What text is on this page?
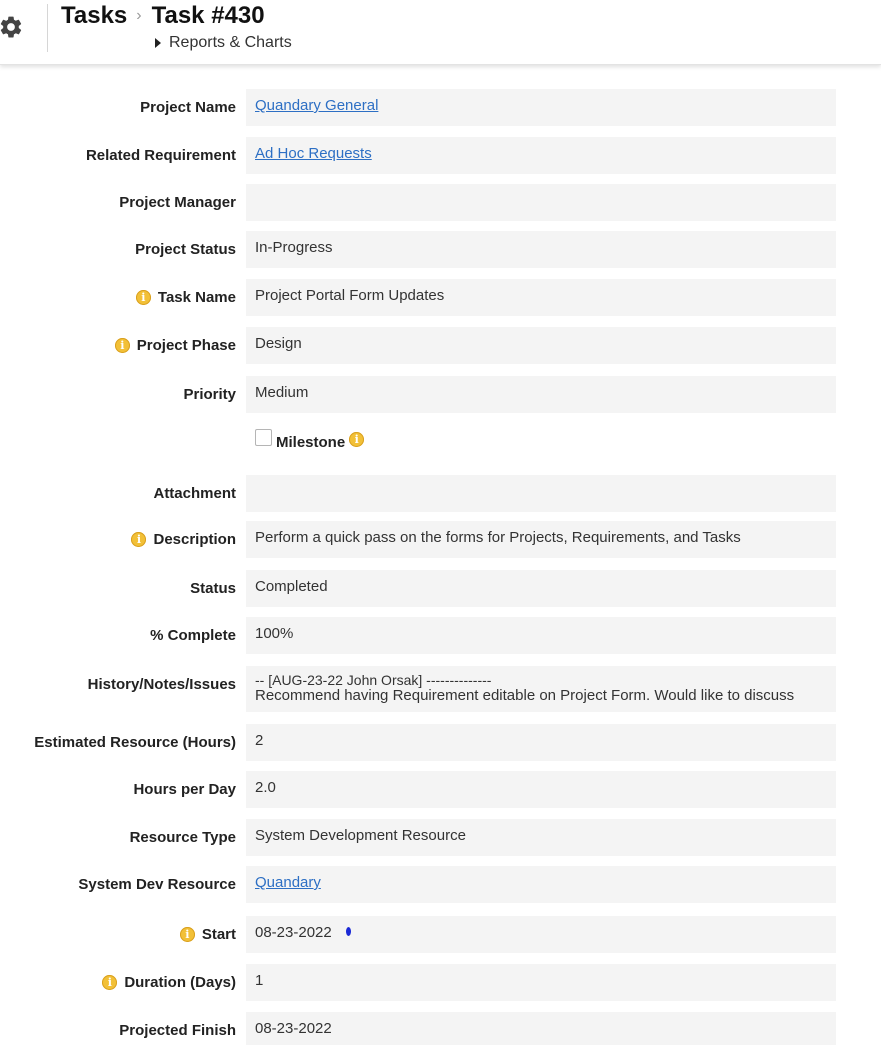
Tasks › Task #430
Reports & Charts
Project Name	Quandary General
Related Requirement	Ad Hoc Requests
Project Manager
Project Status	In-Progress
i Task Name	Project Portal Form Updates
i Project Phase	Design
Priority	Medium
Milestone i
Attachment
i Description	Perform a quick pass on the forms for Projects, Requirements, and Tasks
Status	Completed
% Complete	100%
History/Notes/Issues -- [AUG-23-22 John Orsak] --------------
Recommend having Requirement editable on Project Form. Would like to discuss
Estimated Resource (Hours)	2
Hours per Day	2.0
Resource Type	System Development Resource
System Dev Resource	Quandary
i Start	08-23-2022
i Duration (Days)	1
Projected Finish	08-23-2022
